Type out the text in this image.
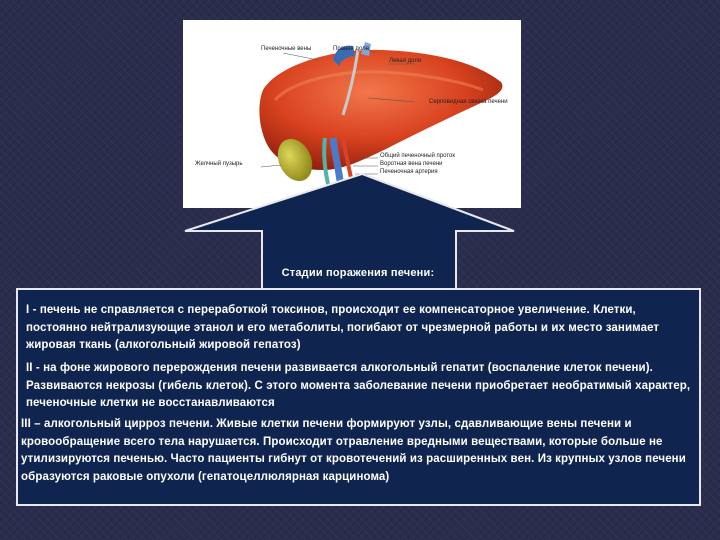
Печеночные вены	Правая доля
Левая доля
Серповидная связка печени
Желчный пузырь
Общий печеночный проток
Воротная вена печени
Печеночная артерия
Стадии поражения печени:
I - печень не справляется с переработкой токсинов, происходит ее компенсаторное увеличение. Клетки, постоянно нейтрализующие этанол и его метаболиты, погибают от чрезмерной работы и их место занимает жировая ткань (алкогольный жировой гепатоз)
II - на фоне жирового перерождения печени развивается алкогольный гепатит (воспаление клеток печени). Развиваются некрозы (гибель клеток). С этого момента заболевание печени приобретает необратимый характер, печеночные клетки не восстанавливаются
III – алкогольный цирроз печени. Живые клетки печени формируют узлы, сдавливающие вены печени и кровообращение всего тела нарушается. Происходит отравление вредными веществами, которые больше не утилизируются печенью. Часто пациенты гибнут от кровотечений из расширенных вен. Из крупных узлов печени образуются раковые опухоли (гепатоцеллюлярная карцинома)
